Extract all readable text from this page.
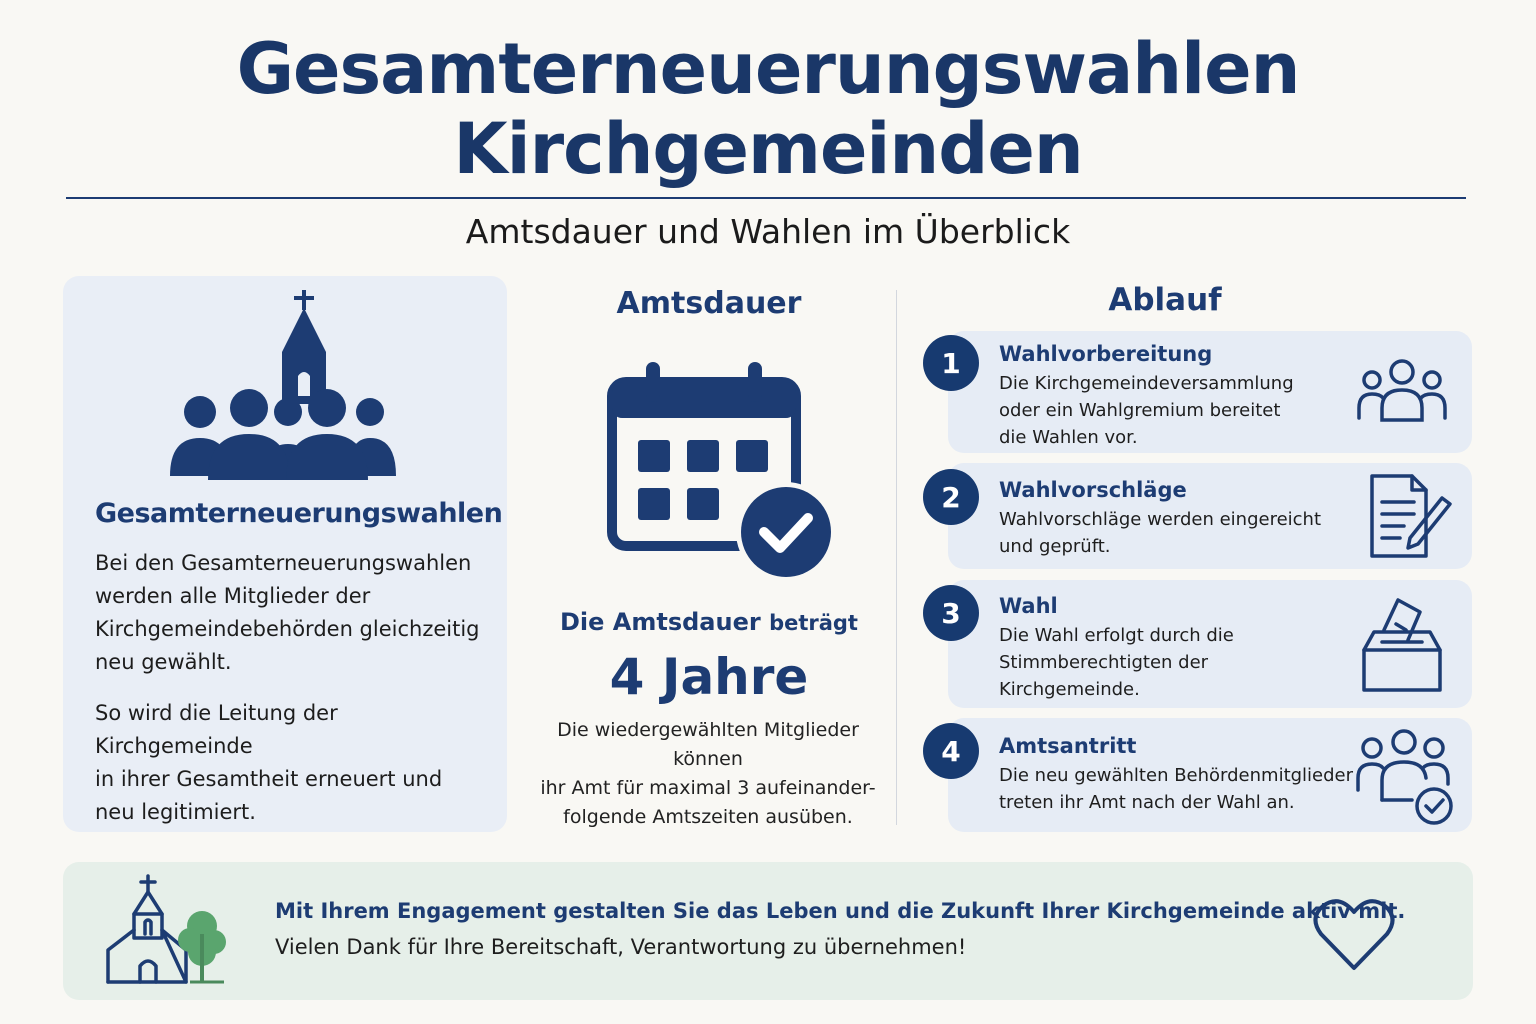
Gesamterneuerungswahlen
Kirchgemeinden
Amtsdauer und Wahlen im Überblick
Gesamterneuerungswahlen
Bei den Gesamterneuerungswahlen
werden alle Mitglieder der
Kirchgemeindebehörden gleichzeitig
neu gewählt.
So wird die Leitung der Kirchgemeinde
in ihrer Gesamtheit erneuert und
neu legitimiert.
Amtsdauer
Die Amtsdauer beträgt
4 Jahre
Die wiedergewählten Mitglieder können
ihr Amt für maximal 3 aufeinander-
folgende Amtszeiten ausüben.
Ablauf
1	Wahlvorbereitung
Die Kirchgemeindeversammlung
oder ein Wahlgremium bereitet
die Wahlen vor.
2	Wahlvorschläge
Wahlvorschläge werden eingereicht
und geprüft.
3	Wahl
Die Wahl erfolgt durch die
Stimmberechtigten der
Kirchgemeinde.
4	Amtsantritt
Die neu gewählten Behördenmitglieder
treten ihr Amt nach der Wahl an.
Mit Ihrem Engagement gestalten Sie das Leben und die Zukunft Ihrer Kirchgemeinde aktiv mit.
Vielen Dank für Ihre Bereitschaft, Verantwortung zu übernehmen!
